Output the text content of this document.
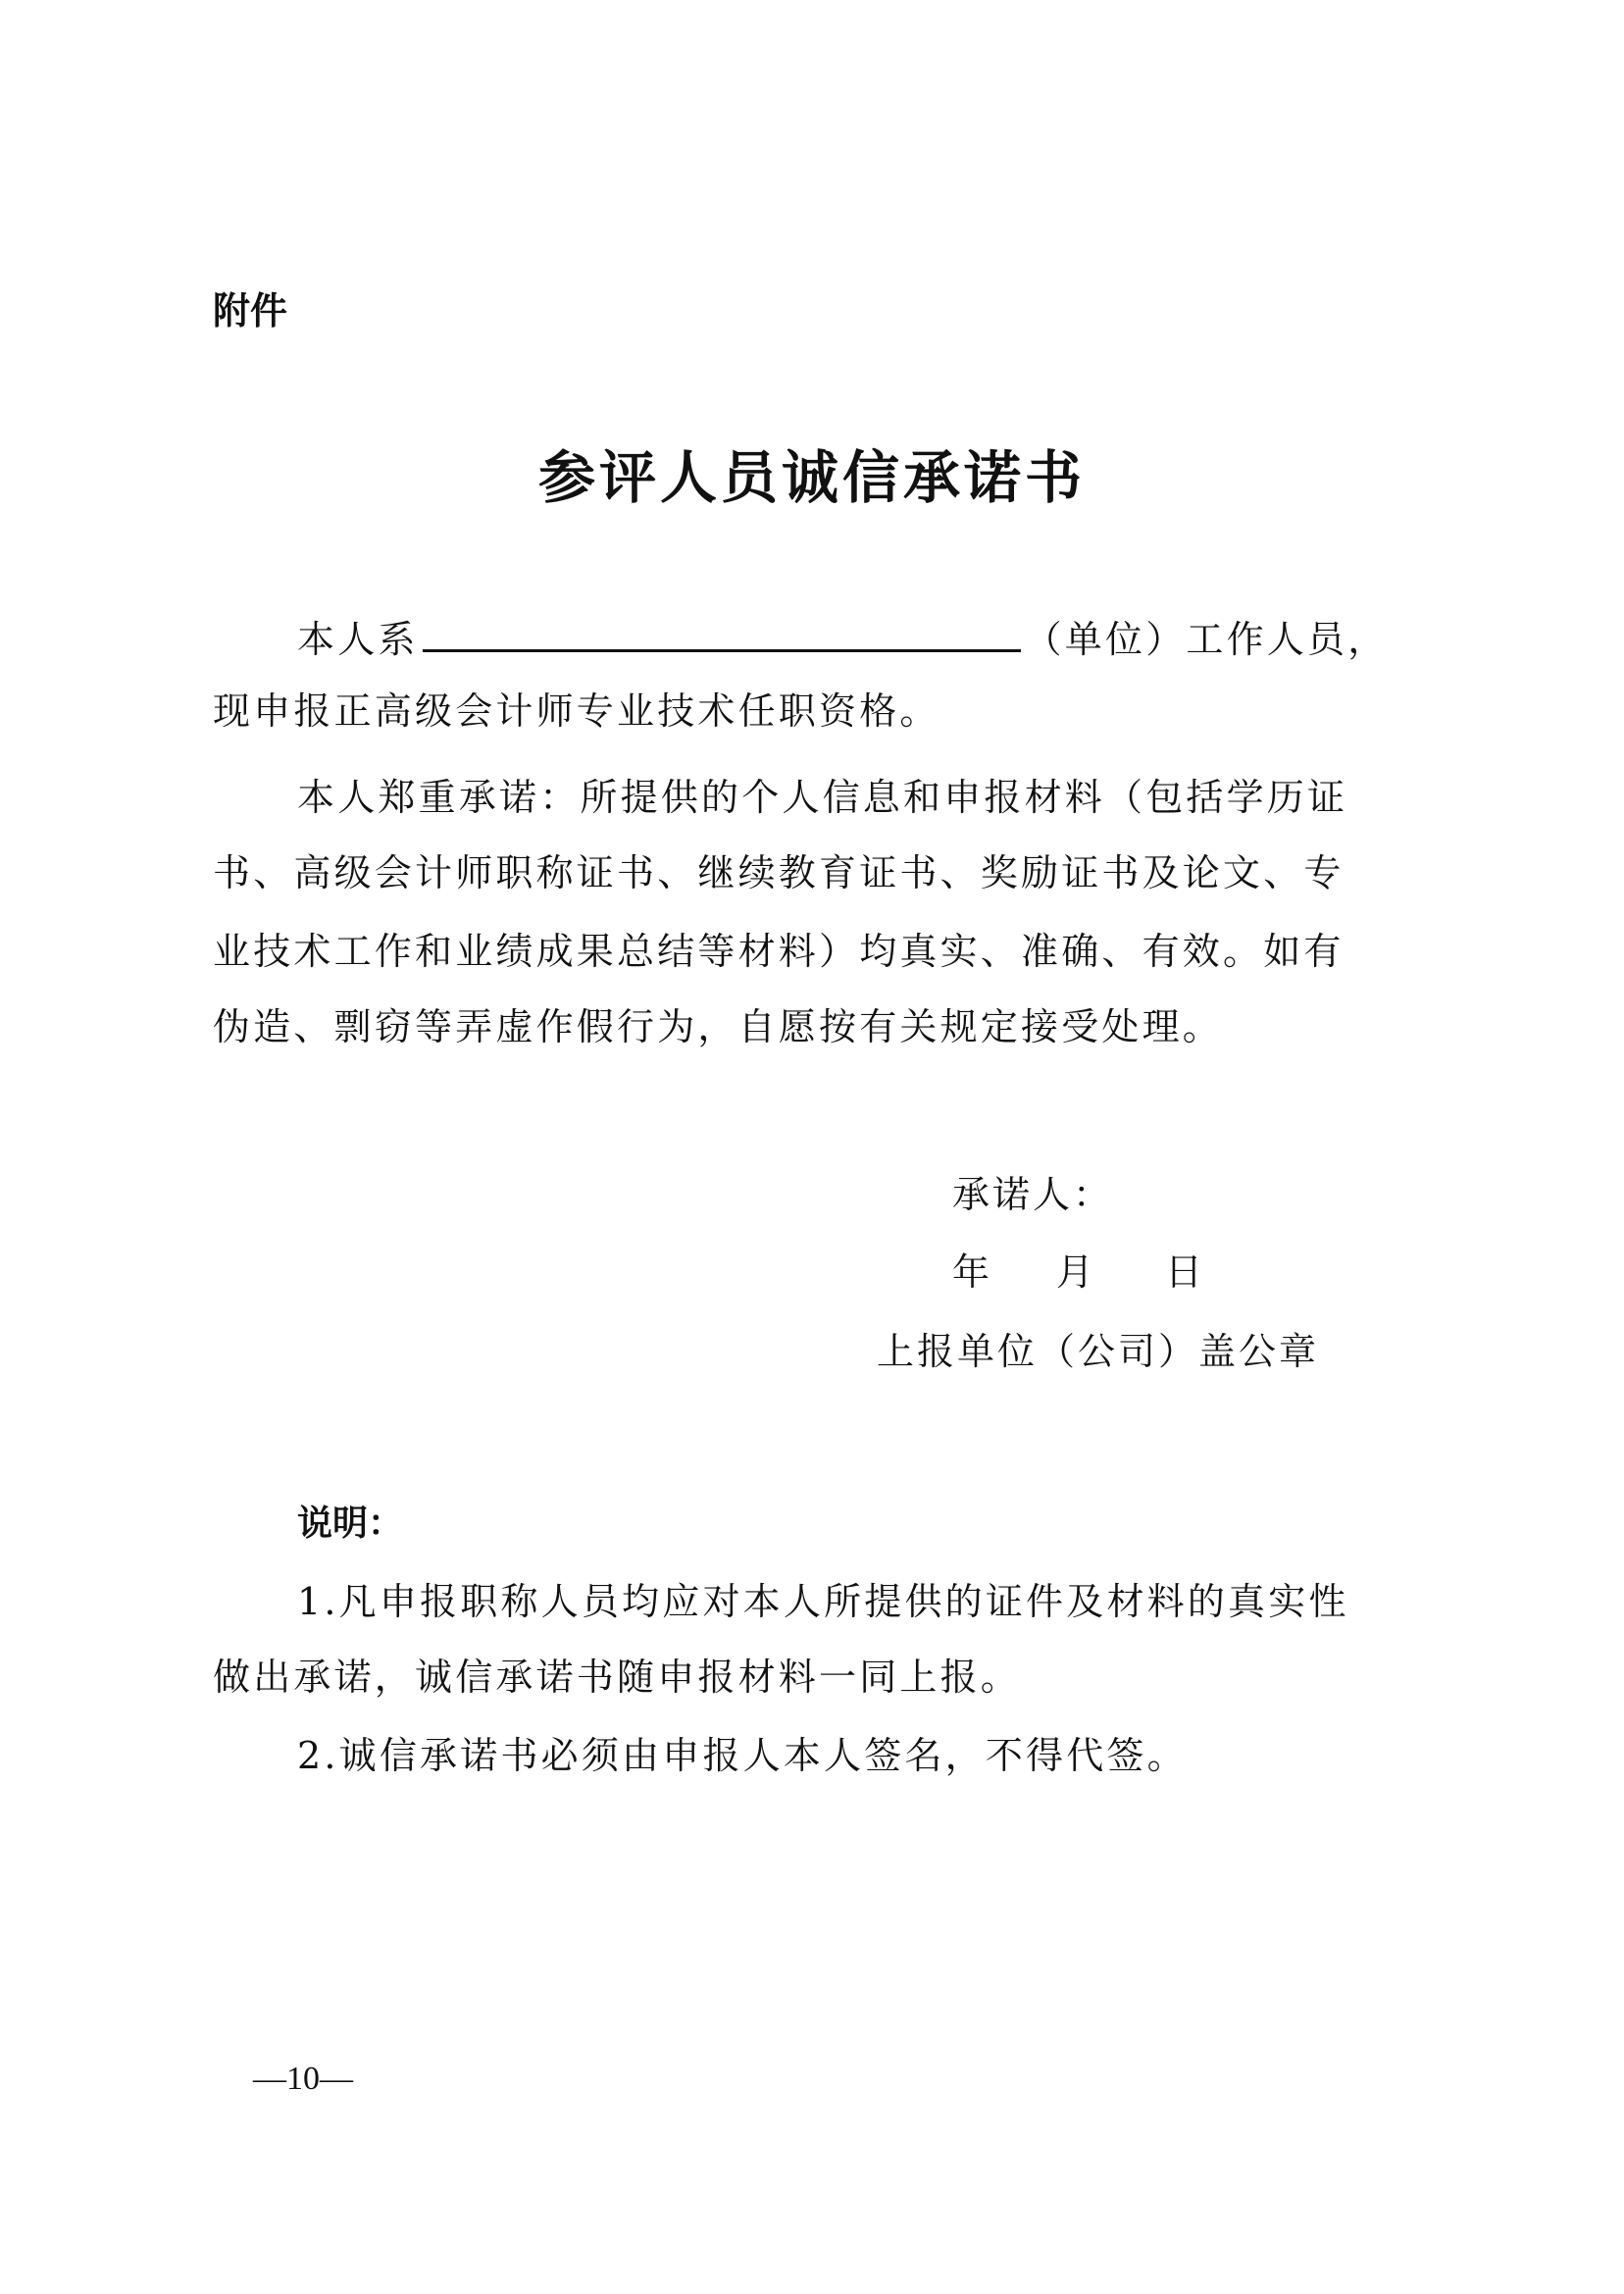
附件
参评人员诚信承诺书
本人系	（单位）工作人员，
现申报正高级会计师专业技术任职资格。
本人郑重承诺：所提供的个人信息和申报材料（包括学历证
书、高级会计师职称证书、继续教育证书、奖励证书及论文、专
业技术工作和业绩成果总结等材料）均真实、准确、有效。如有
伪造、剽窃等弄虚作假行为，自愿按有关规定接受处理。
承诺人：
年 月 日
上报单位（公司）盖公章
说明：
1.凡申报职称人员均应对本人所提供的证件及材料的真实性
做出承诺，诚信承诺书随申报材料一同上报。
2.诚信承诺书必须由申报人本人签名，不得代签。
—10—
